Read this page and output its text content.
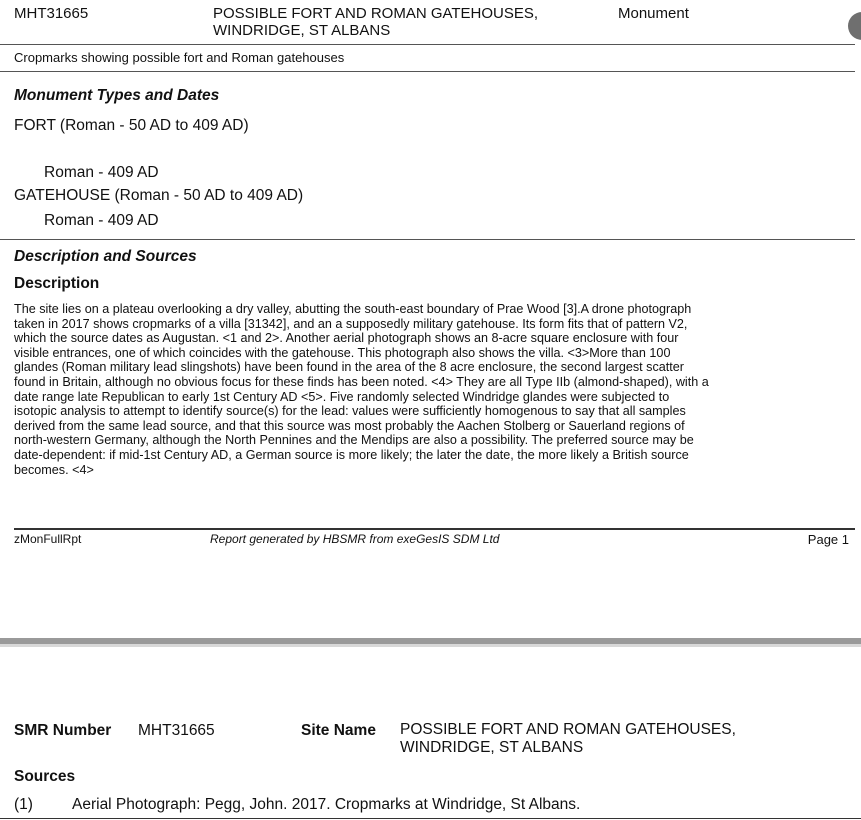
MHT31665	POSSIBLE FORT AND ROMAN GATEHOUSES,
WINDRIDGE, ST ALBANS
Monument
Cropmarks showing possible fort and Roman gatehouses
Monument Types and Dates
FORT (Roman - 50 AD to 409 AD)
Roman - 409 AD
GATEHOUSE (Roman - 50 AD to 409 AD)
Roman - 409 AD
Description and Sources
Description
The site lies on a plateau overlooking a dry valley, abutting the south-east boundary of Prae Wood [3].A drone photograph
taken in 2017 shows cropmarks of a villa [31342], and an a supposedly military gatehouse. Its form fits that of pattern V2,
which the source dates as Augustan. <1 and 2>. Another aerial photograph shows an 8-acre square enclosure with four
visible entrances, one of which coincides with the gatehouse. This photograph also shows the villa. <3>More than 100
glandes (Roman military lead slingshots) have been found in the area of the 8 acre enclosure, the second largest scatter
found in Britain, although no obvious focus for these finds has been noted. <4> They are all Type IIb (almond-shaped), with a
date range late Republican to early 1st Century AD <5>. Five randomly selected Windridge glandes were subjected to
isotopic analysis to attempt to identify source(s) for the lead: values were sufficiently homogenous to say that all samples
derived from the same lead source, and that this source was most probably the Aachen Stolberg or Sauerland regions of
north-western Germany, although the North Pennines and the Mendips are also a possibility. The preferred source may be
date-dependent: if mid-1st Century AD, a German source is more likely; the later the date, the more likely a British source
becomes. <4>
zMonFullRpt	Report generated by HBSMR from exeGesIS SDM Ltd	Page 1
SMR Number MHT31665	Site Name POSSIBLE FORT AND ROMAN GATEHOUSES,
WINDRIDGE, ST ALBANS
Sources
(1)	Aerial Photograph: Pegg, John. 2017. Cropmarks at Windridge, St Albans.
